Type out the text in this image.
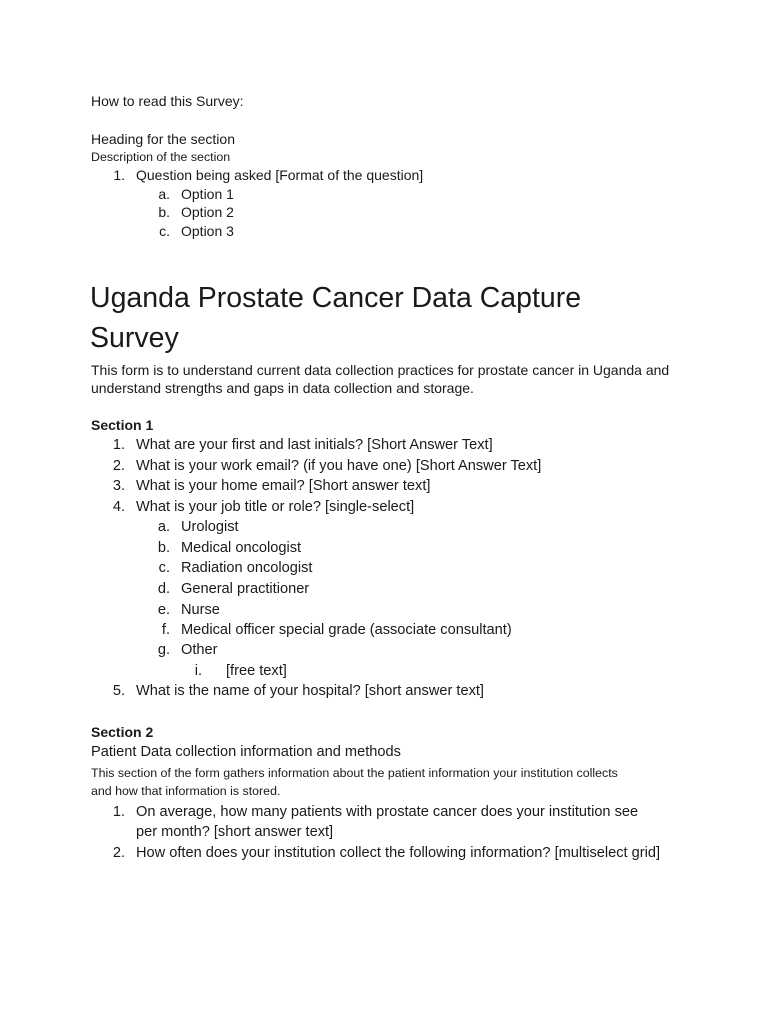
How to read this Survey:
Heading for the section
Description of the section
1. Question being asked [Format of the question]
a. Option 1
b. Option 2
c. Option 3
Uganda Prostate Cancer Data Capture
Survey
This form is to understand current data collection practices for prostate cancer in Uganda and
understand strengths and gaps in data collection and storage.
Section 1
1. What are your first and last initials? [Short Answer Text]
2. What is your work email? (if you have one) [Short Answer Text]
3. What is your home email? [Short answer text]
4. What is your job title or role? [single-select]
a. Urologist
b. Medical oncologist
c. Radiation oncologist
d. General practitioner
e. Nurse
f. Medical officer special grade (associate consultant)
g. Other
i. [free text]
5. What is the name of your hospital? [short answer text]
Section 2
Patient Data collection information and methods
This section of the form gathers information about the patient information your institution collects
and how that information is stored.
1. On average, how many patients with prostate cancer does your institution see
per month? [short answer text]
2. How often does your institution collect the following information? [multiselect grid]
